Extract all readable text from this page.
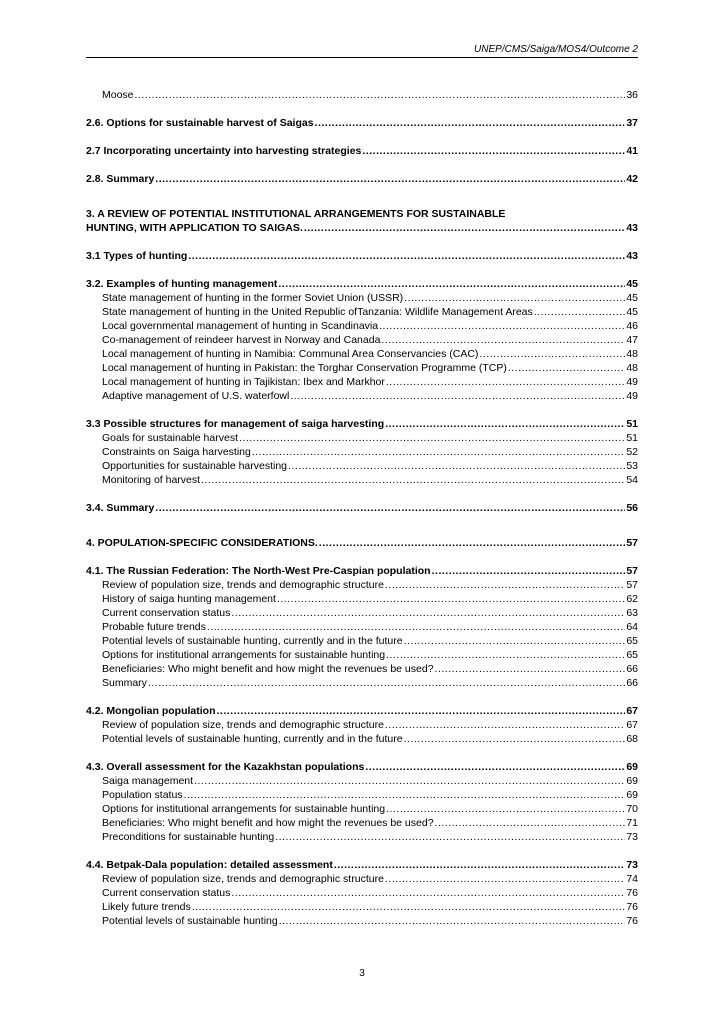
UNEP/CMS/Saiga/MOS4/Outcome 2
Moose .....	36
2.6. Options for sustainable harvest of Saigas .....	37
2.7 Incorporating uncertainty into harvesting strategies .....	41
2.8. Summary .....	42
3. A REVIEW OF POTENTIAL INSTITUTIONAL ARRANGEMENTS FOR SUSTAINABLE
HUNTING, WITH APPLICATION TO SAIGAS. .....	43
3.1 Types of hunting .....	43
3.2. Examples of hunting management .....	45
State management of hunting in the former Soviet Union (USSR) .....	45
State management of hunting in the United Republic ofTanzania: Wildlife Management Areas .....	45
Local governmental management of hunting in Scandinavia .....	46
Co-management of reindeer harvest in Norway and Canada .....	47
Local management of hunting in Namibia: Communal Area Conservancies (CAC) .....	48
Local management of hunting in Pakistan: the Torghar Conservation Programme (TCP) .....	48
Local management of hunting in Tajikistan: Ibex and Markhor .....	49
Adaptive management of U.S. waterfowl .....	49
3.3 Possible structures for management of saiga harvesting .....	51
Goals for sustainable harvest .....	51
Constraints on Saiga harvesting .....	52
Opportunities for sustainable harvesting .....	53
Monitoring of harvest .....	54
3.4. Summary .....	56
4. POPULATION-SPECIFIC CONSIDERATIONS. .....	57
4.1. The Russian Federation: The North-West Pre-Caspian population .....	57
Review of population size, trends and demographic structure .....	57
History of saiga hunting management .....	62
Current conservation status .....	63
Probable future trends .....	64
Potential levels of sustainable hunting, currently and in the future .....	65
Options for institutional arrangements for sustainable hunting .....	65
Beneficiaries: Who might benefit and how might the revenues be used? .....	66
Summary .....	66
4.2. Mongolian population .....	67
Review of population size, trends and demographic structure .....	67
Potential levels of sustainable hunting, currently and in the future .....	68
4.3. Overall assessment for the Kazakhstan populations .....	69
Saiga management .....	69
Population status .....	69
Options for institutional arrangements for sustainable hunting .....	70
Beneficiaries: Who might benefit and how might the revenues be used? .....	71
Preconditions for sustainable hunting .....	73
4.4. Betpak-Dala population: detailed assessment .....	73
Review of population size, trends and demographic structure .....	74
Current conservation status .....	76
Likely future trends .....	76
Potential levels of sustainable hunting .....	76
3
